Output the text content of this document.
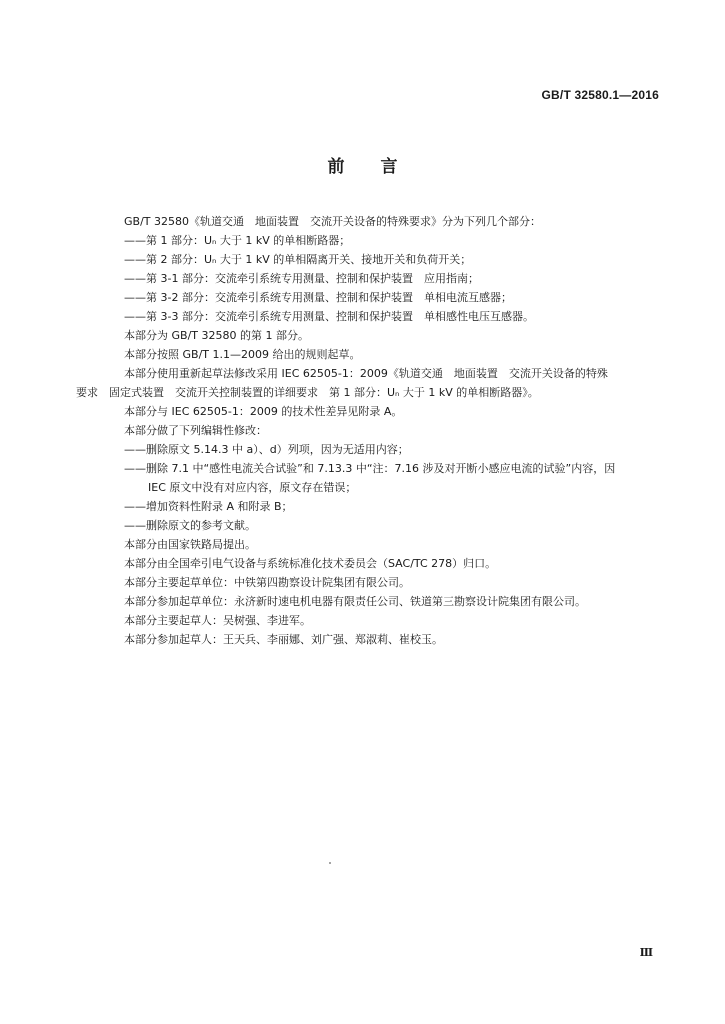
GB/T 32580.1—2016
前言

GB/T 32580《轨道交通　地面装置　交流开关设备的特殊要求》分为下列几个部分：

——第 1 部分：Uₙ 大于 1 kV 的单相断路器；

——第 2 部分：Uₙ 大于 1 kV 的单相隔离开关、接地开关和负荷开关；

——第 3-1 部分：交流牵引系统专用测量、控制和保护装置　应用指南；

——第 3-2 部分：交流牵引系统专用测量、控制和保护装置　单相电流互感器；

——第 3-3 部分：交流牵引系统专用测量、控制和保护装置　单相感性电压互感器。

本部分为 GB/T 32580 的第 1 部分。

本部分按照 GB/T 1.1—2009 给出的规则起草。

本部分使用重新起草法修改采用 IEC 62505-1：2009《轨道交通　地面装置　交流开关设备的特殊

要求　固定式装置　交流开关控制装置的详细要求　第 1 部分：Uₙ 大于 1 kV 的单相断路器》。

本部分与 IEC 62505-1：2009 的技术性差异见附录 A。

本部分做了下列编辑性修改：

——删除原文 5.14.3 中 a）、d）列项，因为无适用内容；

——删除 7.1 中“感性电流关合试验”和 7.13.3 中“注：7.16 涉及对开断小感应电流的试验”内容，因

IEC 原文中没有对应内容，原文存在错误；

——增加资料性附录 A 和附录 B；

——删除原文的参考文献。

本部分由国家铁路局提出。

本部分由全国牵引电气设备与系统标准化技术委员会（SAC/TC 278）归口。

本部分主要起草单位：中铁第四勘察设计院集团有限公司。

本部分参加起草单位：永济新时速电机电器有限责任公司、铁道第三勘察设计院集团有限公司。

本部分主要起草人：吴树强、李进军。

本部分参加起草人：王天兵、李丽娜、刘广强、郑淑莉、崔校玉。

Ⅲ
